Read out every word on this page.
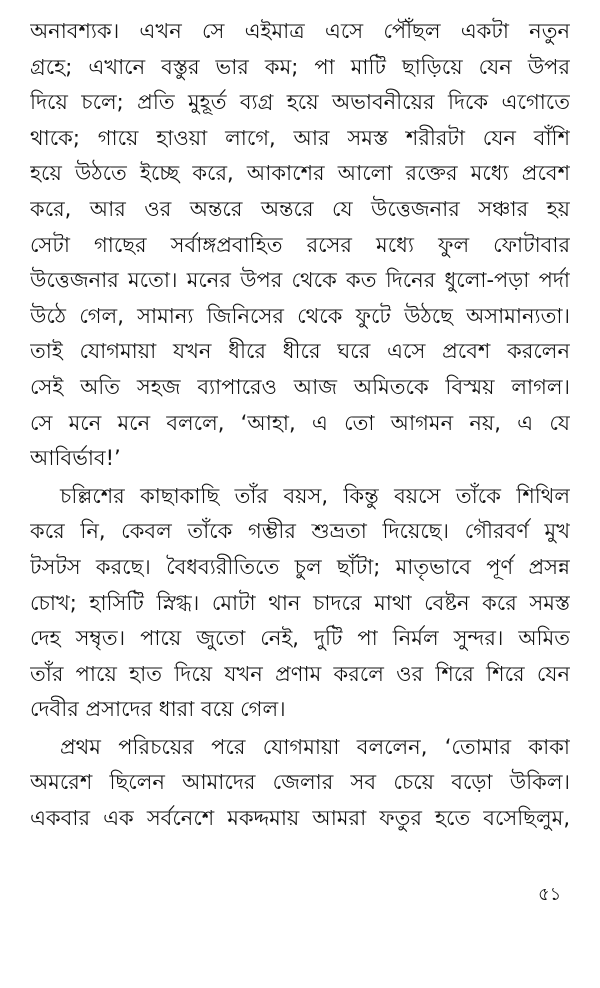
অনাবশ্যক। এখন সে এইমাত্র এসে পৌঁছল একটা নতুন
গ্রহে; এখানে বস্তুর ভার কম; পা মাটি ছাড়িয়ে যেন উপর
দিয়ে চলে; প্রতি মুহূর্ত ব্যগ্র হয়ে অভাবনীয়ের দিকে এগোতে
থাকে; গায়ে হাওয়া লাগে, আর সমস্ত শরীরটা যেন বাঁশি
হয়ে উঠতে ইচ্ছে করে, আকাশের আলো রক্তের মধ্যে প্রবেশ
করে, আর ওর অন্তরে অন্তরে যে উত্তেজনার সঞ্চার হয়
সেটা গাছের সর্বাঙ্গপ্রবাহিত রসের মধ্যে ফুল ফোটাবার
উত্তেজনার মতো। মনের উপর থেকে কত দিনের ধুলো-পড়া পর্দা
উঠে গেল, সামান্য জিনিসের থেকে ফুটে উঠছে অসামান্যতা।
তাই যোগমায়া যখন ধীরে ধীরে ঘরে এসে প্রবেশ করলেন
সেই অতি সহজ ব্যাপারেও আজ অমিতকে বিস্ময় লাগল।
সে মনে মনে বললে, ‘আহা, এ তো আগমন নয়, এ যে
আবির্ভাব!’
চল্লিশের কাছাকাছি তাঁর বয়স, কিন্তু বয়সে তাঁকে শিথিল
করে নি, কেবল তাঁকে গম্ভীর শুভ্রতা দিয়েছে। গৌরবর্ণ মুখ
টসটস করছে। বৈধব্যরীতিতে চুল ছাঁটা; মাতৃভাবে পূর্ণ প্রসন্ন
চোখ; হাসিটি স্নিগ্ধ। মোটা থান চাদরে মাথা বেষ্টন করে সমস্ত
দেহ সম্বৃত। পায়ে জুতো নেই, দুটি পা নির্মল সুন্দর। অমিত
তাঁর পায়ে হাত দিয়ে যখন প্রণাম করলে ওর শিরে শিরে যেন
দেবীর প্রসাদের ধারা বয়ে গেল।
প্রথম পরিচয়ের পরে যোগমায়া বললেন, ‘তোমার কাকা
অমরেশ ছিলেন আমাদের জেলার সব চেয়ে বড়ো উকিল।
একবার এক সর্বনেশে মকদ্দমায় আমরা ফতুর হতে বসেছিলুম,
৫১
